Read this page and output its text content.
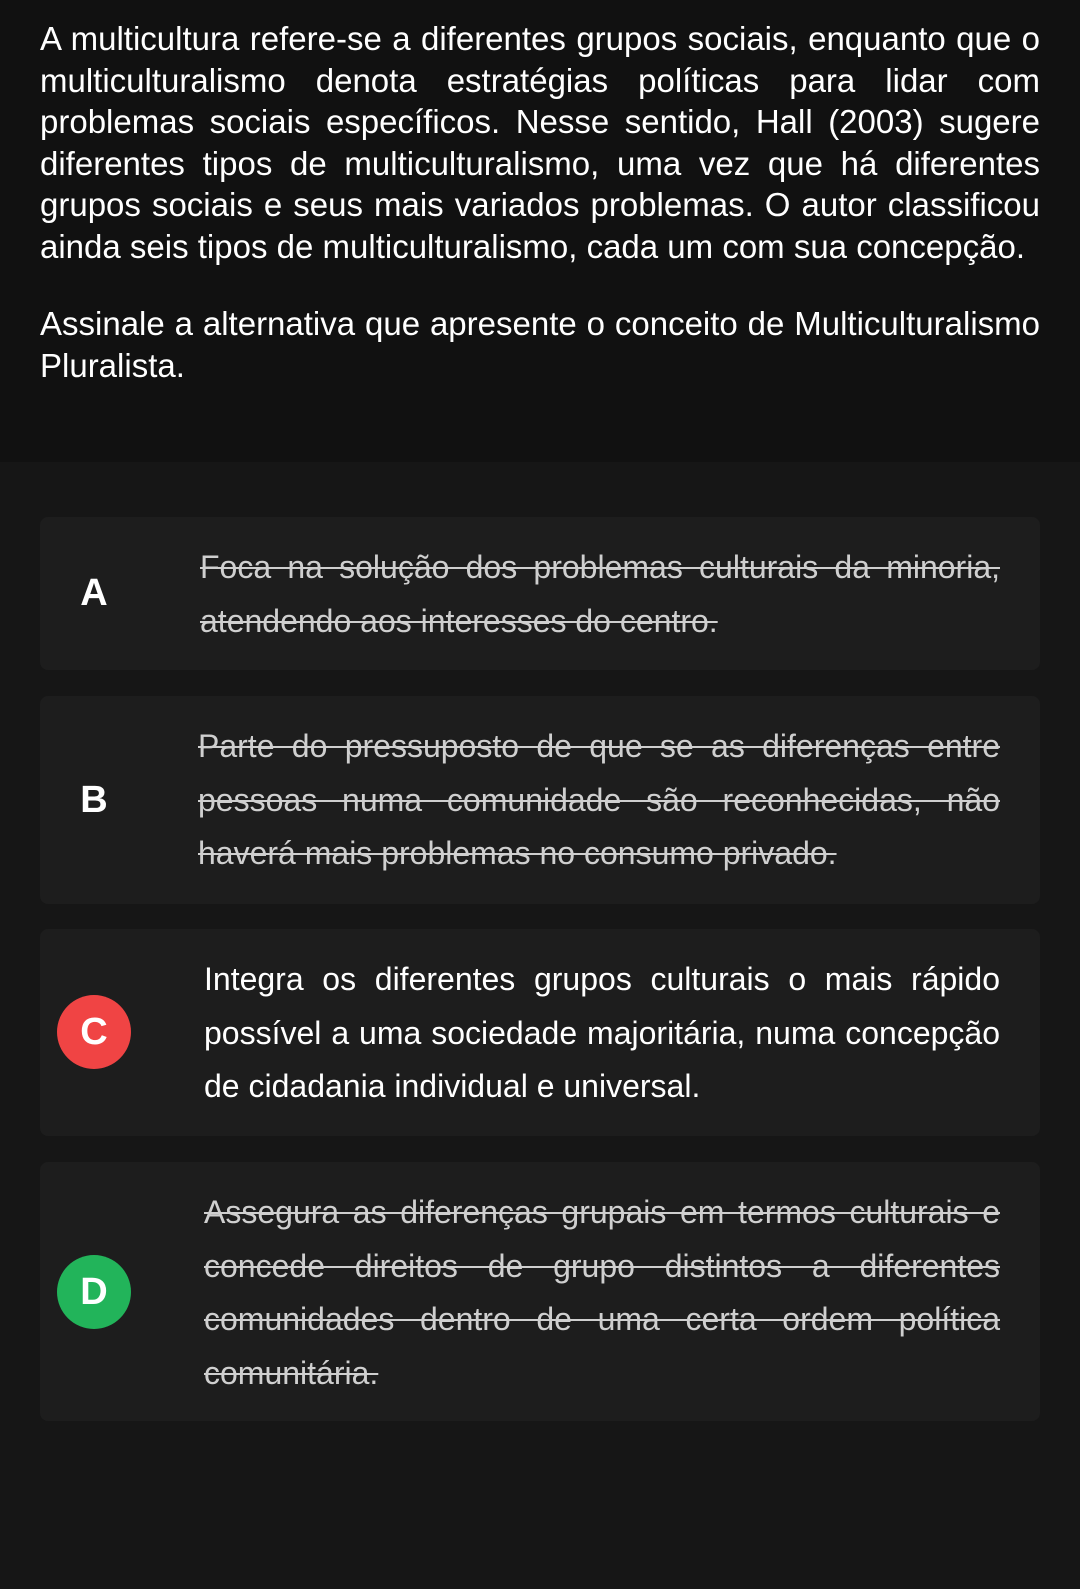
A multicultura refere-se a diferentes grupos sociais, enquanto que o multiculturalismo denota estratégias políticas para lidar com problemas sociais específicos. Nesse sentido, Hall (2003) sugere diferentes tipos de multiculturalismo, uma vez que há diferentes grupos sociais e seus mais variados problemas. O autor classificou ainda seis tipos de multiculturalismo, cada um com sua concepção.

Assinale a alternativa que apresente o conceito de Multiculturalismo Pluralista.

A
Foca na solução dos problemas culturais da minoria, atendendo aos interesses do centro.
B
Parte do pressuposto de que se as diferenças entre pessoas numa comunidade são reconhecidas, não haverá mais problemas no consumo privado.
C
Integra os diferentes grupos culturais o mais rápido possível a uma sociedade majoritária, numa concepção de cidadania individual e universal.
D
Assegura as diferenças grupais em termos culturais e concede direitos de grupo distintos a diferentes comunidades dentro de uma certa ordem política comunitária.
